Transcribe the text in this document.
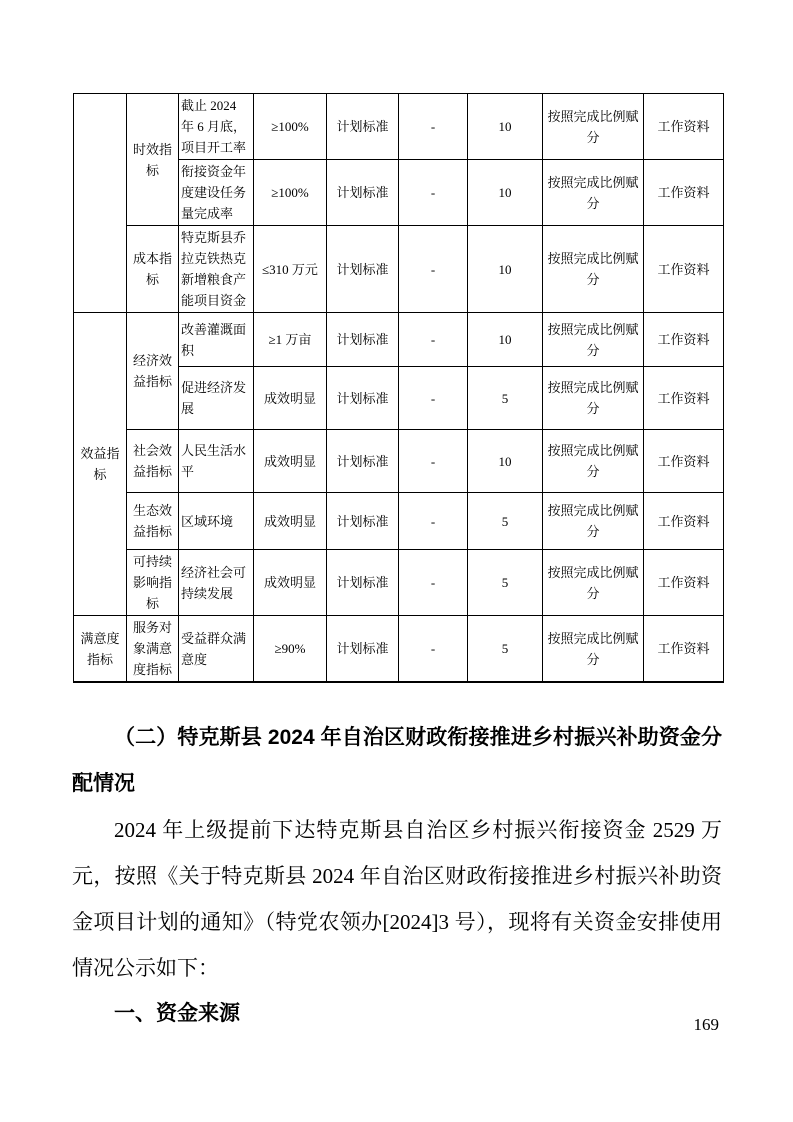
	时效指标	截止 2024 年 6 月底，项目开工率	≥100%	计划标准	-	10	按照完成比例赋分	工作资料
		衔接资金年度建设任务量完成率	≥100%	计划标准	-	10	按照完成比例赋分	工作资料
	成本指标	特克斯县乔拉克铁热克新增粮食产能项目资金	≤310 万元	计划标准	-	10	按照完成比例赋分	工作资料
效益指标	经济效益指标	改善灌溉面积	≥1 万亩	计划标准	-	10	按照完成比例赋分	工作资料
		促进经济发展	成效明显	计划标准	-	5	按照完成比例赋分	工作资料
	社会效益指标	人民生活水平	成效明显	计划标准	-	10	按照完成比例赋分	工作资料
	生态效益指标	区域环境	成效明显	计划标准	-	5	按照完成比例赋分	工作资料
	可持续影响指标	经济社会可持续发展	成效明显	计划标准	-	5	按照完成比例赋分	工作资料
满意度指标	服务对象满意度指标	受益群众满意度	≥90%	计划标准	-	5	按照完成比例赋分	工作资料

（二）特克斯县 2024 年自治区财政衔接推进乡村振兴补助资金分配情况

2024 年上级提前下达特克斯县自治区乡村振兴衔接资金 2529 万元，按照《关于特克斯县 2024 年自治区财政衔接推进乡村振兴补助资金项目计划的通知》（特党农领办[2024]3 号），现将有关资金安排使用情况公示如下：

一、资金来源	169
